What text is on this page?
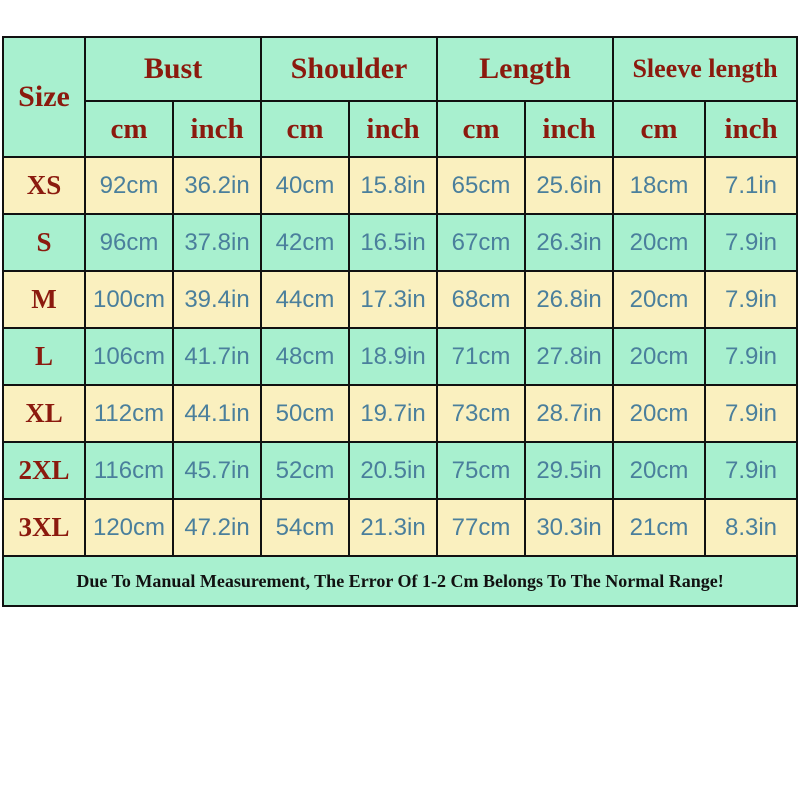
Size	Bust		Shoulder		Length		Sleeve length	
	cm	inch	cm	inch	cm	inch	cm	inch
XS	92cm	36.2in	40cm	15.8in	65cm	25.6in	18cm	7.1in
S	96cm	37.8in	42cm	16.5in	67cm	26.3in	20cm	7.9in
M	100cm	39.4in	44cm	17.3in	68cm	26.8in	20cm	7.9in
L	106cm	41.7in	48cm	18.9in	71cm	27.8in	20cm	7.9in
XL	112cm	44.1in	50cm	19.7in	73cm	28.7in	20cm	7.9in
2XL	116cm	45.7in	52cm	20.5in	75cm	29.5in	20cm	7.9in
3XL	120cm	47.2in	54cm	21.3in	77cm	30.3in	21cm	8.3in
Due To Manual Measurement, The Error Of 1-2 Cm Belongs To The Normal Range!								
